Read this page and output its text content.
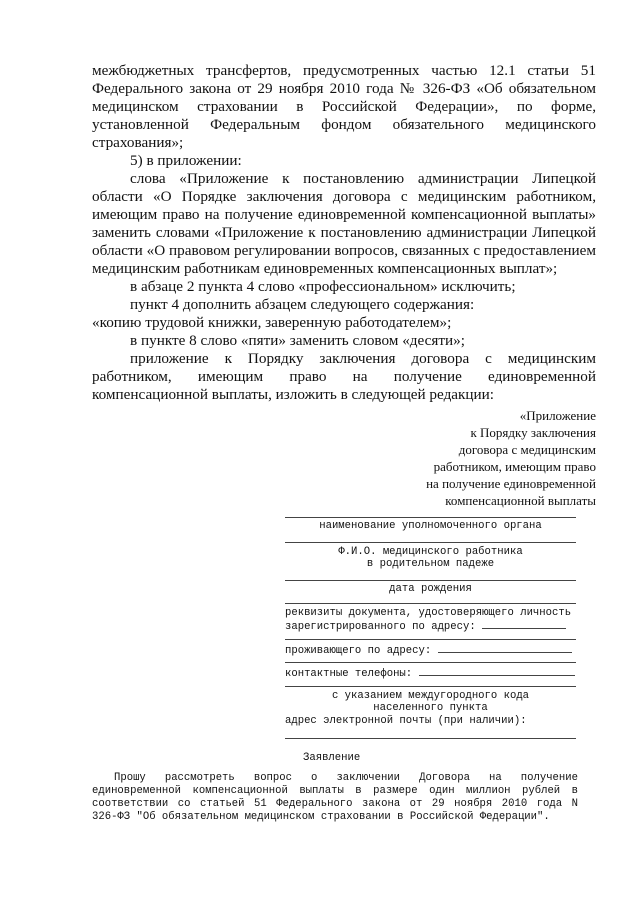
межбюджетных трансфертов, предусмотренных частью 12.1 статьи 51
Федерального закона от 29 ноября 2010 года № 326-ФЗ «Об обязательном
медицинском страховании в Российской Федерации», по форме,
установленной Федеральным фондом обязательного медицинского
страхования»;
5) в приложении:
слова «Приложение к постановлению администрации Липецкой
области «О Порядке заключения договора с медицинским работником,
имеющим право на получение единовременной компенсационной выплаты»
заменить словами «Приложение к постановлению администрации Липецкой
области «О правовом регулировании вопросов, связанных с предоставлением
медицинским работникам единовременных компенсационных выплат»;
в абзаце 2 пункта 4 слово «профессиональном» исключить;
пункт 4 дополнить абзацем следующего содержания:
«копию трудовой книжки, заверенную работодателем»;
в пункте 8 слово «пяти» заменить словом «десяти»;
приложение к Порядку заключения договора с медицинским
работником, имеющим право на получение единовременной
компенсационной выплаты, изложить в следующей редакции:
«Приложение
к Порядку заключения
договора с медицинским
работником, имеющим право
на получение единовременной
компенсационной выплаты
наименование уполномоченного органа
Ф.И.О. медицинского работника
в родительном падеже
дата рождения
реквизиты документа, удостоверяющего личность
зарегистрированного по адресу:
проживающего по адресу:
контактные телефоны:
с указанием междугородного кода
населенного пункта
адрес электронной почты (при наличии):
Заявление
Прошу рассмотреть вопрос о заключении Договора на получение
единовременной компенсационной выплаты в размере один миллион рублей в
соответствии со статьей 51 Федерального закона от 29 ноября 2010 года N
326-ФЗ "Об обязательном медицинском страховании в Российской Федерации".
